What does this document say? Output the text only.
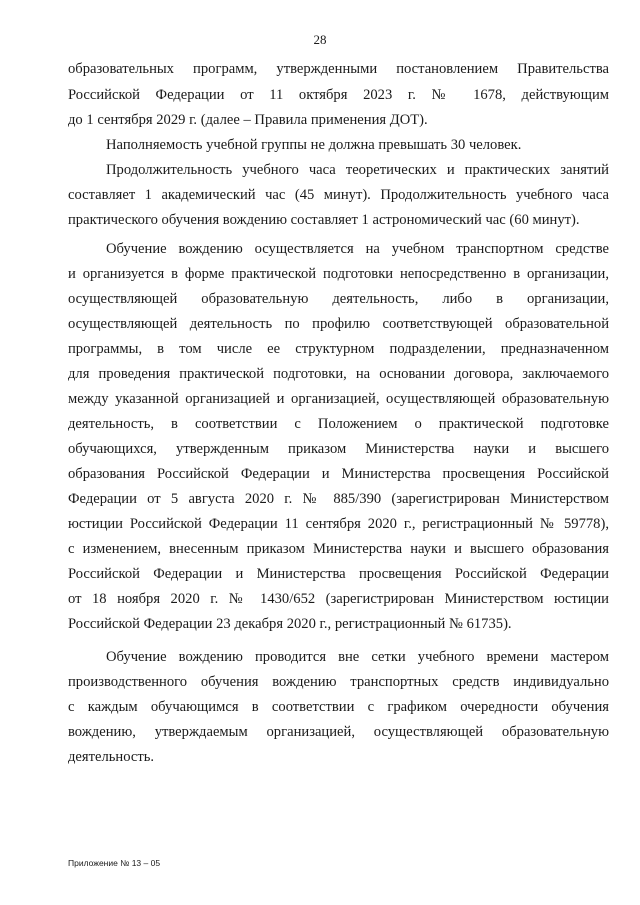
28
образовательных программ, утвержденными постановлением Правительства
Российской Федерации от 11 октября 2023 г. № 1678, действующим
до 1 сентября 2029 г. (далее – Правила применения ДОТ).
Наполняемость учебной группы не должна превышать 30 человек.
Продолжительность учебного часа теоретических и практических занятий
составляет 1 академический час (45 минут). Продолжительность учебного часа
практического обучения вождению составляет 1 астрономический час (60 минут).
Обучение вождению осуществляется на учебном транспортном средстве
и организуется в форме практической подготовки непосредственно в организации,
осуществляющей образовательную деятельность, либо в организации,
осуществляющей деятельность по профилю соответствующей образовательной
программы, в том числе ее структурном подразделении, предназначенном
для проведения практической подготовки, на основании договора, заключаемого
между указанной организацией и организацией, осуществляющей образовательную
деятельность, в соответствии с Положением о практической подготовке
обучающихся, утвержденным приказом Министерства науки и высшего
образования Российской Федерации и Министерства просвещения Российской
Федерации от 5 августа 2020 г. № 885/390 (зарегистрирован Министерством
юстиции Российской Федерации 11 сентября 2020 г., регистрационный № 59778),
с изменением, внесенным приказом Министерства науки и высшего образования
Российской Федерации и Министерства просвещения Российской Федерации
от 18 ноября 2020 г. № 1430/652 (зарегистрирован Министерством юстиции
Российской Федерации 23 декабря 2020 г., регистрационный № 61735).
Обучение вождению проводится вне сетки учебного времени мастером
производственного обучения вождению транспортных средств индивидуально
с каждым обучающимся в соответствии с графиком очередности обучения
вождению, утверждаемым организацией, осуществляющей образовательную
деятельность.
Приложение № 13 – 05
